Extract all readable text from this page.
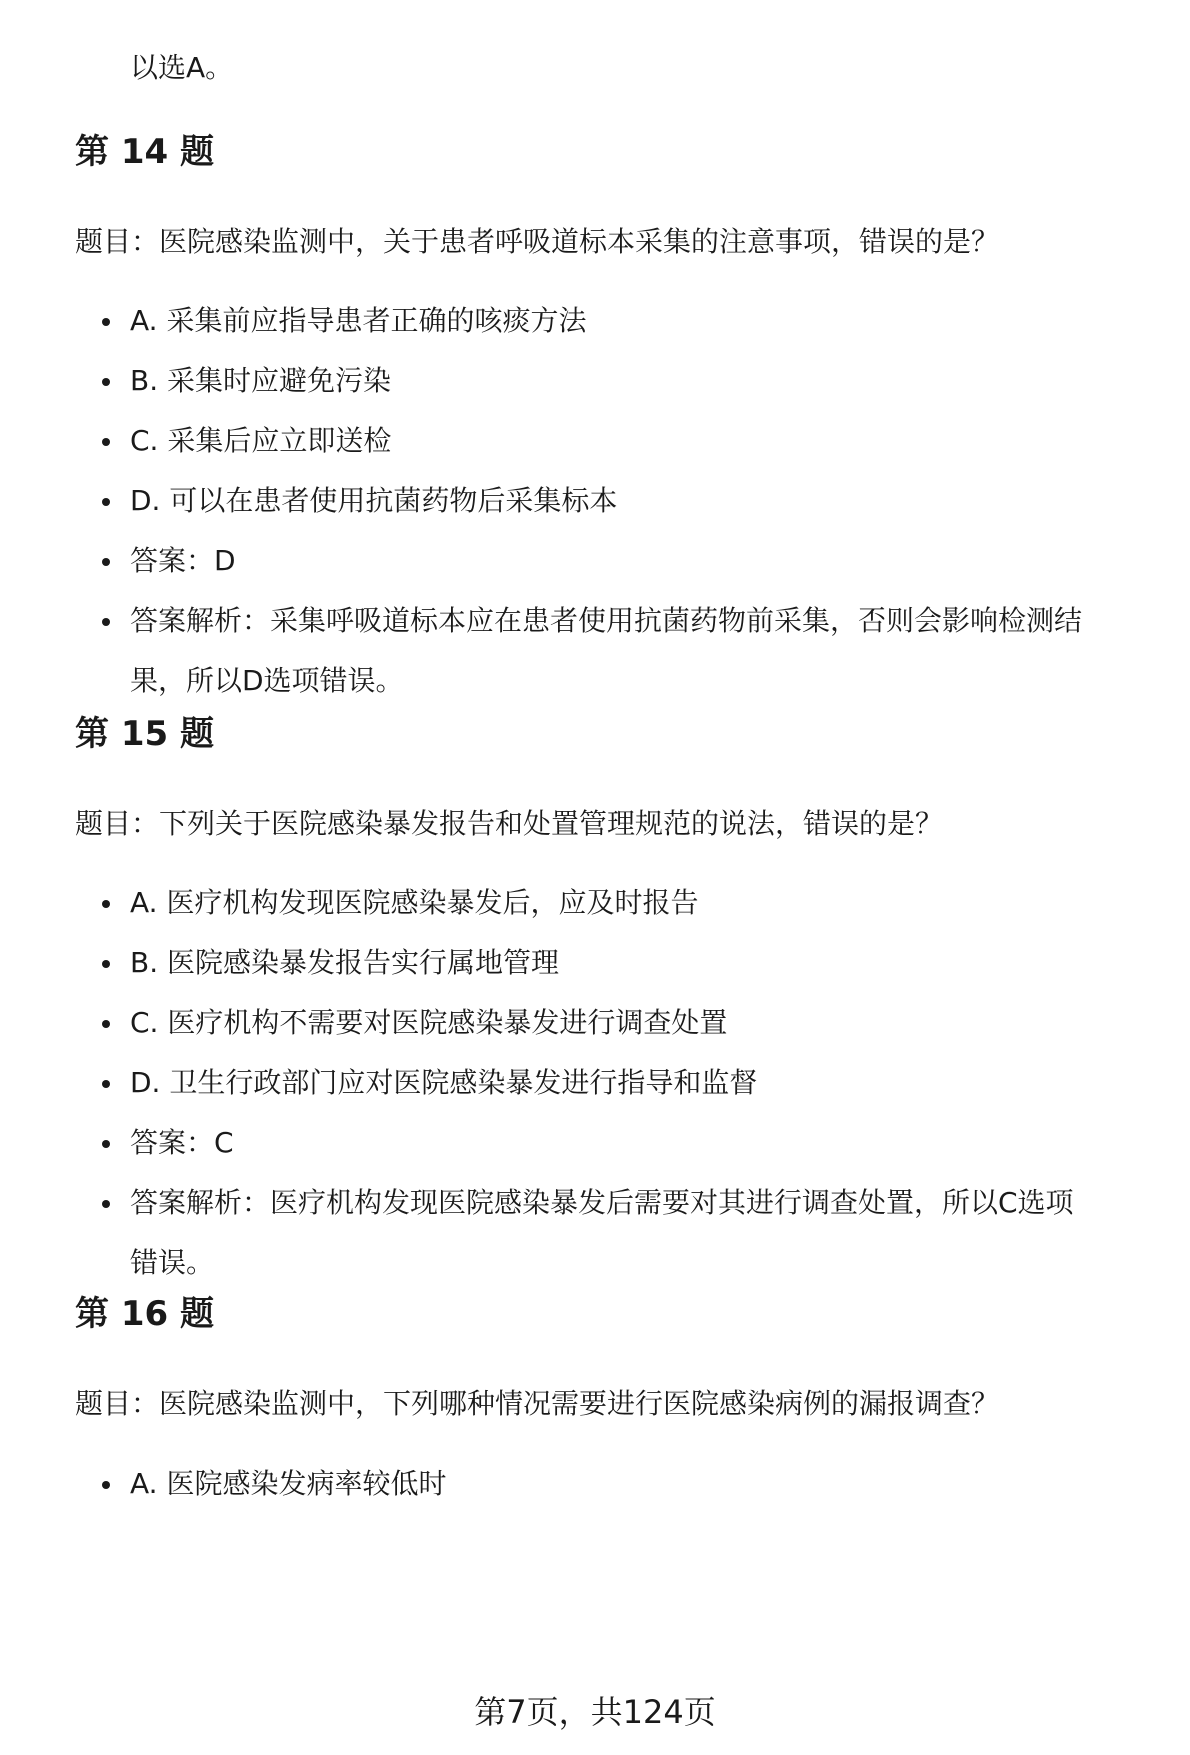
以选A。
第 14 题
题目：医院感染监测中，关于患者呼吸道标本采集的注意事项，错误的是？
A. 采集前应指导患者正确的咳痰方法
B. 采集时应避免污染
C. 采集后应立即送检
D. 可以在患者使用抗菌药物后采集标本
答案：D
答案解析：采集呼吸道标本应在患者使用抗菌药物前采集，否则会影响检测结
果，所以D选项错误。
第 15 题
题目：下列关于医院感染暴发报告和处置管理规范的说法，错误的是？
A. 医疗机构发现医院感染暴发后，应及时报告
B. 医院感染暴发报告实行属地管理
C. 医疗机构不需要对医院感染暴发进行调查处置
D. 卫生行政部门应对医院感染暴发进行指导和监督
答案：C
答案解析：医疗机构发现医院感染暴发后需要对其进行调查处置，所以C选项
错误。
第 16 题
题目：医院感染监测中，下列哪种情况需要进行医院感染病例的漏报调查？
A. 医院感染发病率较低时
第7页，共124页
